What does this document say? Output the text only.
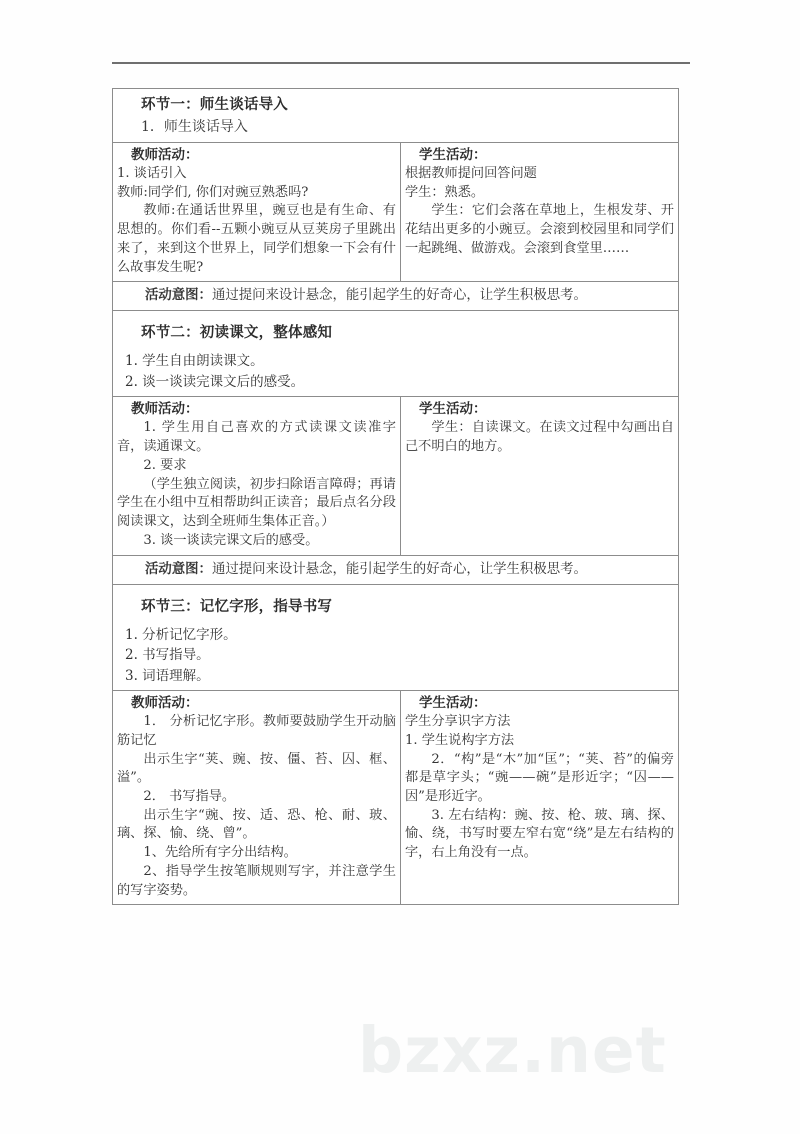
bzxz.net
环节一：师生谈话导入
1．师生谈话导入	

教师活动：
1. 谈话引入
教师:同学们, 你们对豌豆熟悉吗?
教师:在通话世界里，豌豆也是有生命、有思想的。你们看--五颗小豌豆从豆荚房子里跳出来了，来到这个世界上，同学们想象一下会有什么故事发生呢?

学生活动：
根据教师提问回答问题
学生：熟悉。
学生：它们会落在草地上，生根发芽、开花结出更多的小豌豆。会滚到校园里和同学们一起跳绳、做游戏。会滚到食堂里……

活动意图：通过提问来设计悬念，能引起学生的好奇心，让学生积极思考。	

环节二：初读课文，整体感知
1. 学生自由朗读课文。
2. 谈一谈读完课文后的感受。	

教师活动：
1. 学生用自己喜欢的方式读课文读准字音，读通课文。
2. 要求
（学生独立阅读，初步扫除语言障碍；再请学生在小组中互相帮助纠正读音；最后点名分段阅读课文，达到全班师生集体正音。）
3. 谈一谈读完课文后的感受。

学生活动：
学生：自读课文。在读文过程中勾画出自己不明白的地方。

活动意图：通过提问来设计悬念，能引起学生的好奇心，让学生积极思考。	

环节三：记忆字形，指导书写
1. 分析记忆字形。
2. 书写指导。
3. 词语理解。	

教师活动：
1． 分析记忆字形。教师要鼓励学生开动脑筋记忆
出示生字“荚、豌、按、僵、苔、囚、框、溢”。
2． 书写指导。
出示生字“豌、按、适、恐、枪、耐、玻、璃、探、愉、绕、曾”。
1、先给所有字分出结构。
2、指导学生按笔顺规则写字，并注意学生的写字姿势。

学生活动：
学生分享识字方法
1. 学生说构字方法
2．“构”是“木”加“匡”；“荚、苔”的偏旁都是草字头；“豌——碗”是形近字；“囚——因”是形近字。
3. 左右结构：豌、按、枪、玻、璃、探、愉、绕，书写时要左窄右宽“绕”是左右结构的字，右上角没有一点。
